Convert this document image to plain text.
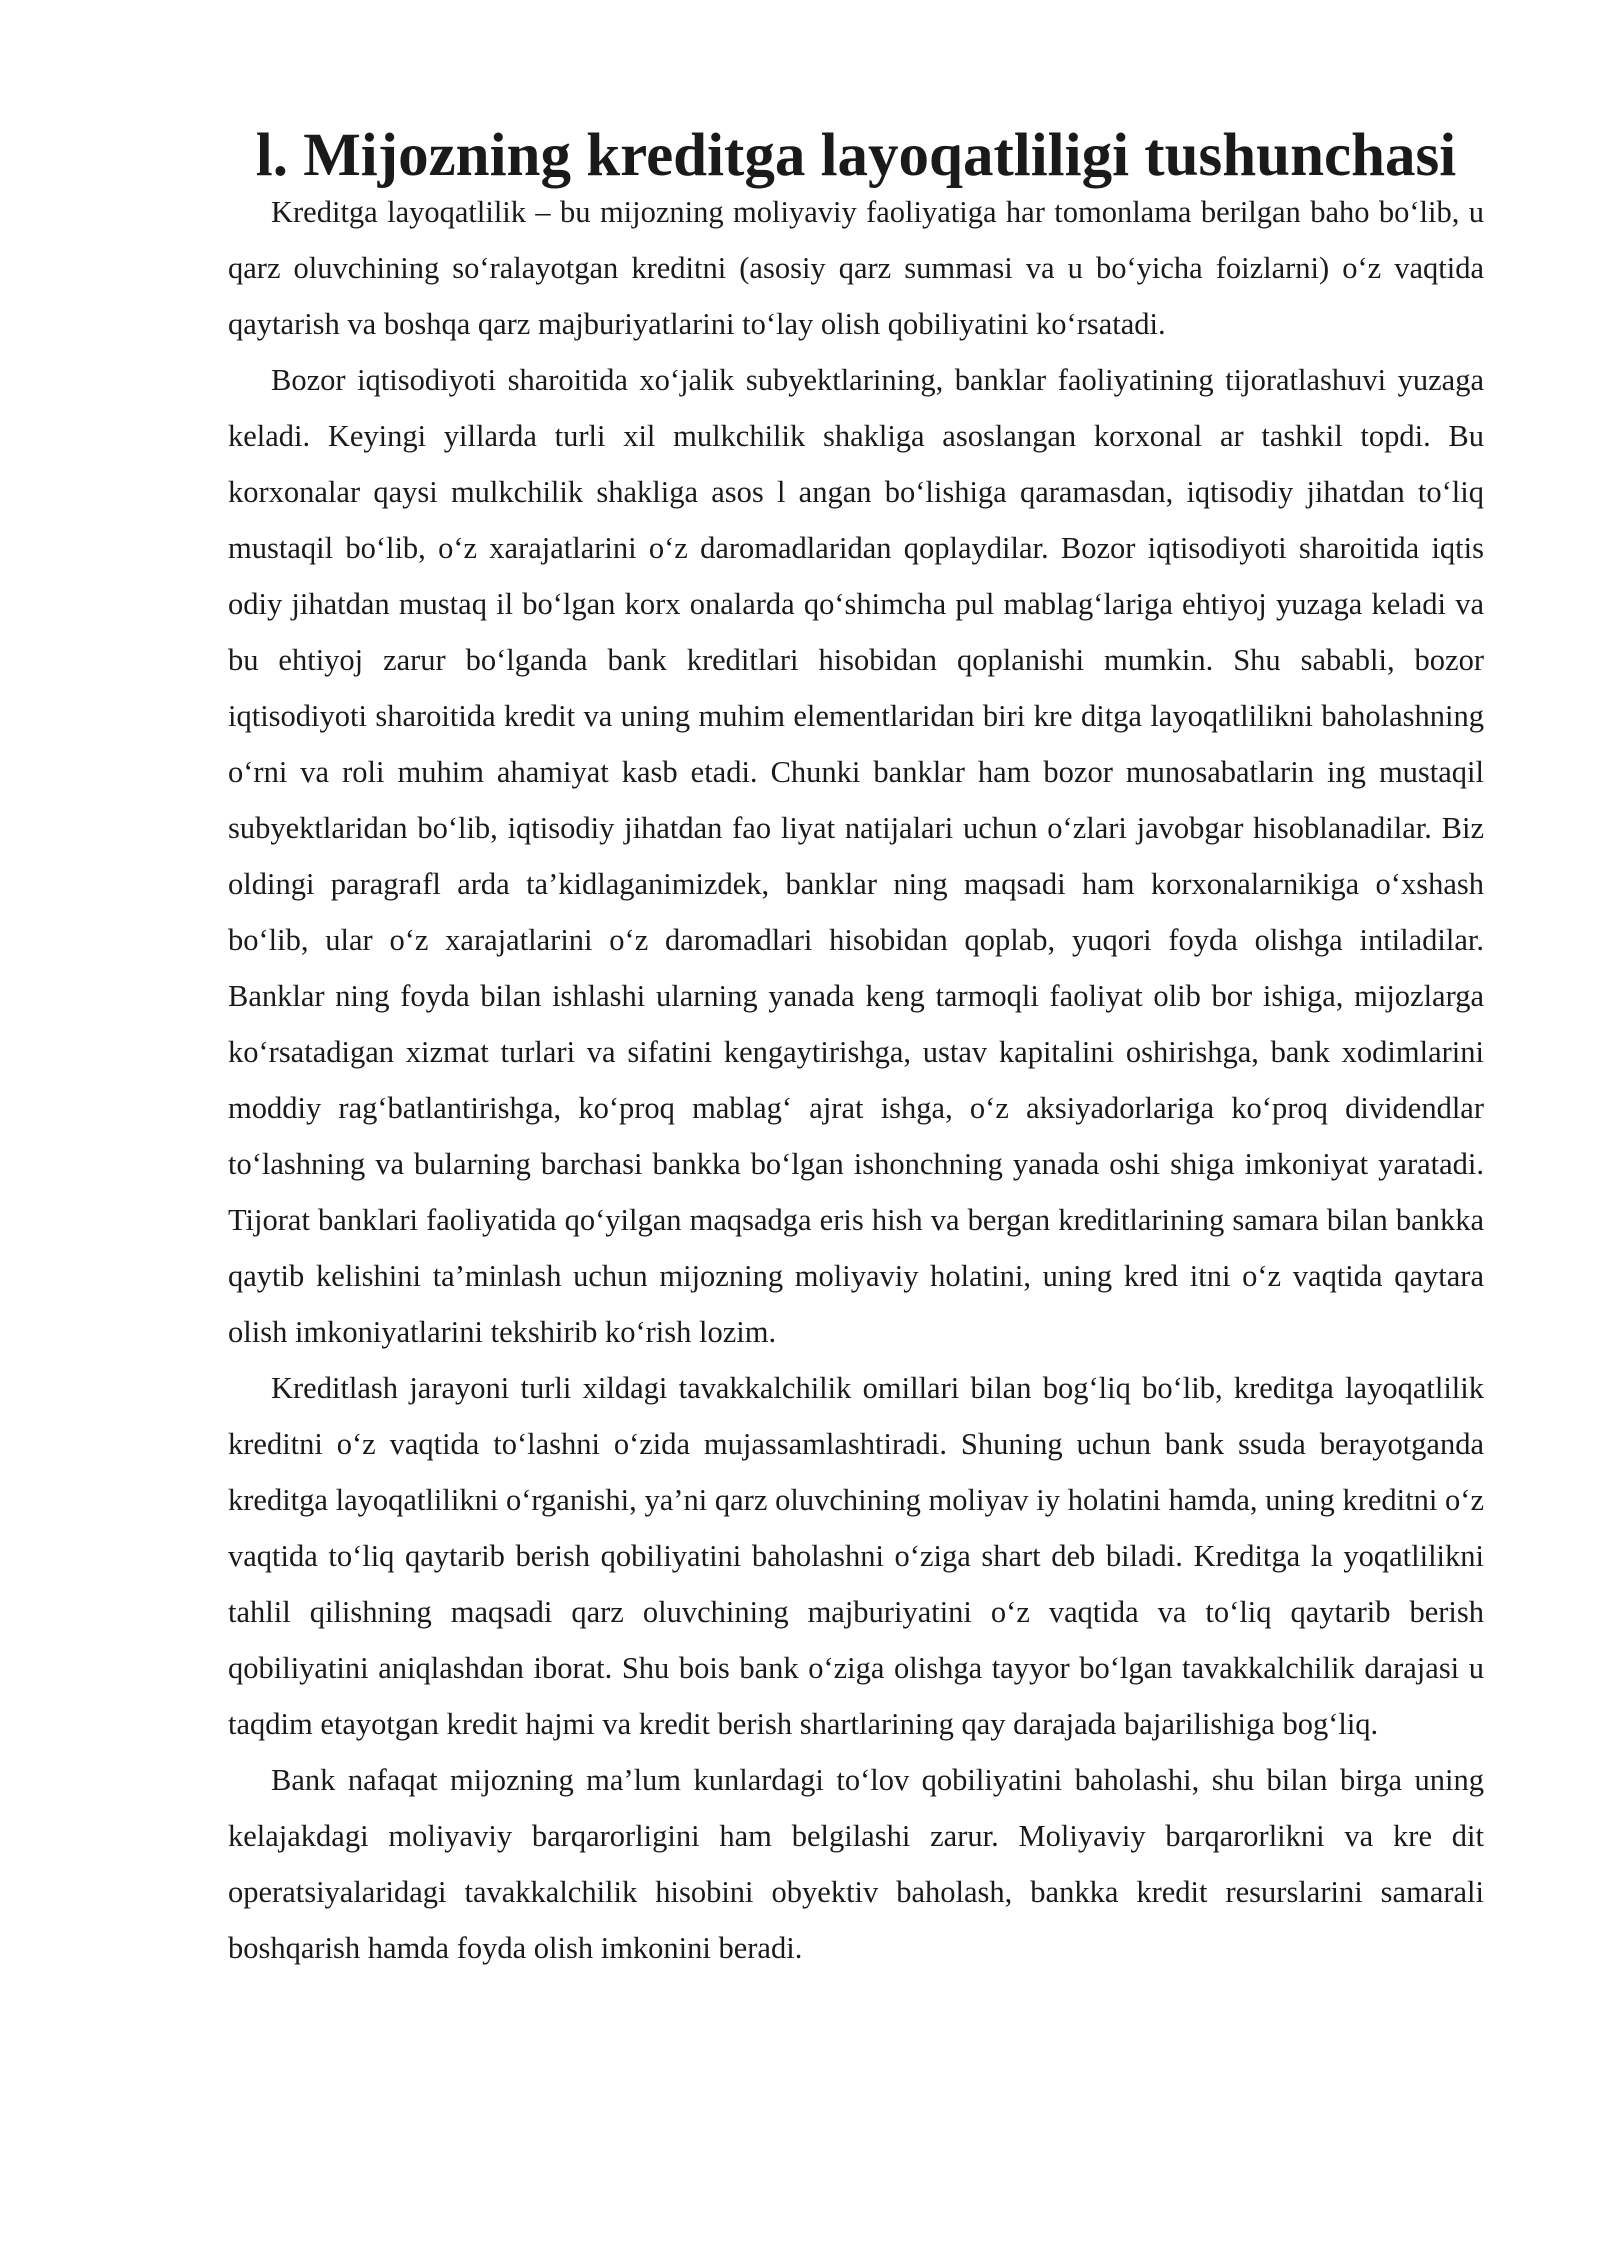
l. Mijozning kreditga layoqatliligi tushunchasi

Kreditga layoqatlilik – bu mijozning moliyaviy faoliyatiga har tomonlama berilgan baho bo‘lib, u qarz oluvchining so‘ralayotgan kreditni (asosiy qarz summasi va u bo‘yicha foizlarni) o‘z vaqtida qaytarish va boshqa qarz majburiyatlarini to‘lay olish qobiliyatini ko‘rsatadi.

Bozor iqtisodiyoti sharoitida xo‘jalik subyektlarining, banklar faoliyatining tijoratlashuvi yuzaga keladi. Keyingi yillarda turli xil mulkchilik shakliga asoslangan korxonal ar tashkil topdi. Bu korxonalar qaysi mulkchilik shakliga asos l angan bo‘lishiga qaramasdan, iqtisodiy jihatdan to‘liq mustaqil bo‘lib, o‘z xarajatlarini o‘z daromadlaridan qoplaydilar. Bozor iqtisodiyoti sharoitida iqtis odiy jihatdan mustaq il bo‘lgan korx onalarda qo‘shimcha pul mablag‘lariga ehtiyoj yuzaga keladi va bu ehtiyoj zarur bo‘lganda bank kreditlari hisobidan qoplanishi mumkin. Shu sababli, bozor iqtisodiyoti sharoitida kredit va uning muhim elementlaridan biri kre ditga layoqatlilikni baholashning o‘rni va roli muhim ahamiyat kasb etadi. Chunki banklar ham bozor munosabatlarin ing mustaqil subyektlaridan bo‘lib, iqtisodiy jihatdan fao liyat natijalari uchun o‘zlari javobgar hisoblanadilar. Biz oldingi paragrafl arda ta’kidlaganimizdek, banklar ning maqsadi ham korxonalarnikiga o‘xshash bo‘lib, ular o‘z xarajatlarini o‘z daromadlari hisobidan qoplab, yuqori foyda olishga intiladilar. Banklar ning foyda bilan ishlashi ularning yanada keng tarmoqli faoliyat olib bor ishiga, mijozlarga ko‘rsatadigan xizmat turlari va sifatini kengaytirishga, ustav kapitalini oshirishga, bank xodimlarini moddiy rag‘batlantirishga, ko‘proq mablag‘ ajrat ishga, o‘z aksiyadorlariga ko‘proq dividendlar to‘lashning va bularning barchasi bankka bo‘lgan ishonchning yanada oshi shiga imkoniyat yaratadi. Tijorat banklari faoliyatida qo‘yilgan maqsadga eris hish va bergan kreditlarining samara bilan bankka qaytib kelishini ta’minlash uchun mijozning moliyaviy holatini, uning kred itni o‘z vaqtida qaytara olish imkoniyatlarini tekshirib ko‘rish lozim.

Kreditlash jarayoni turli xildagi tavakkalchilik omillari bilan bog‘liq bo‘lib, kreditga layoqatlilik kreditni o‘z vaqtida to‘lashni o‘zida mujassamlashtiradi. Shuning uchun bank ssuda berayotganda kreditga layoqatlilikni o‘rganishi, ya’ni qarz oluvchining moliyav iy holatini hamda, uning kreditni o‘z vaqtida to‘liq qaytarib berish qobiliyatini baholashni o‘ziga shart deb biladi. Kreditga la yoqatlilikni tahlil qilishning maqsadi qarz oluvchining majburiyatini o‘z vaqtida va to‘liq qaytarib berish qobiliyatini aniqlashdan iborat. Shu bois bank o‘ziga olishga tayyor bo‘lgan tavakkalchilik darajasi u taqdim etayotgan kredit hajmi va kredit berish shartlarining qay darajada bajarilishiga bog‘liq.

Bank nafaqat mijozning ma’lum kunlardagi to‘lov qobiliyatini baholashi, shu bilan birga uning kelajakdagi moliyaviy barqarorligini ham belgilashi zarur. Moliyaviy barqarorlikni va kre dit operatsiyalaridagi tavakkalchilik hisobini obyektiv baholash, bankka kredit resurslarini samarali boshqarish hamda foyda olish imkonini beradi.
